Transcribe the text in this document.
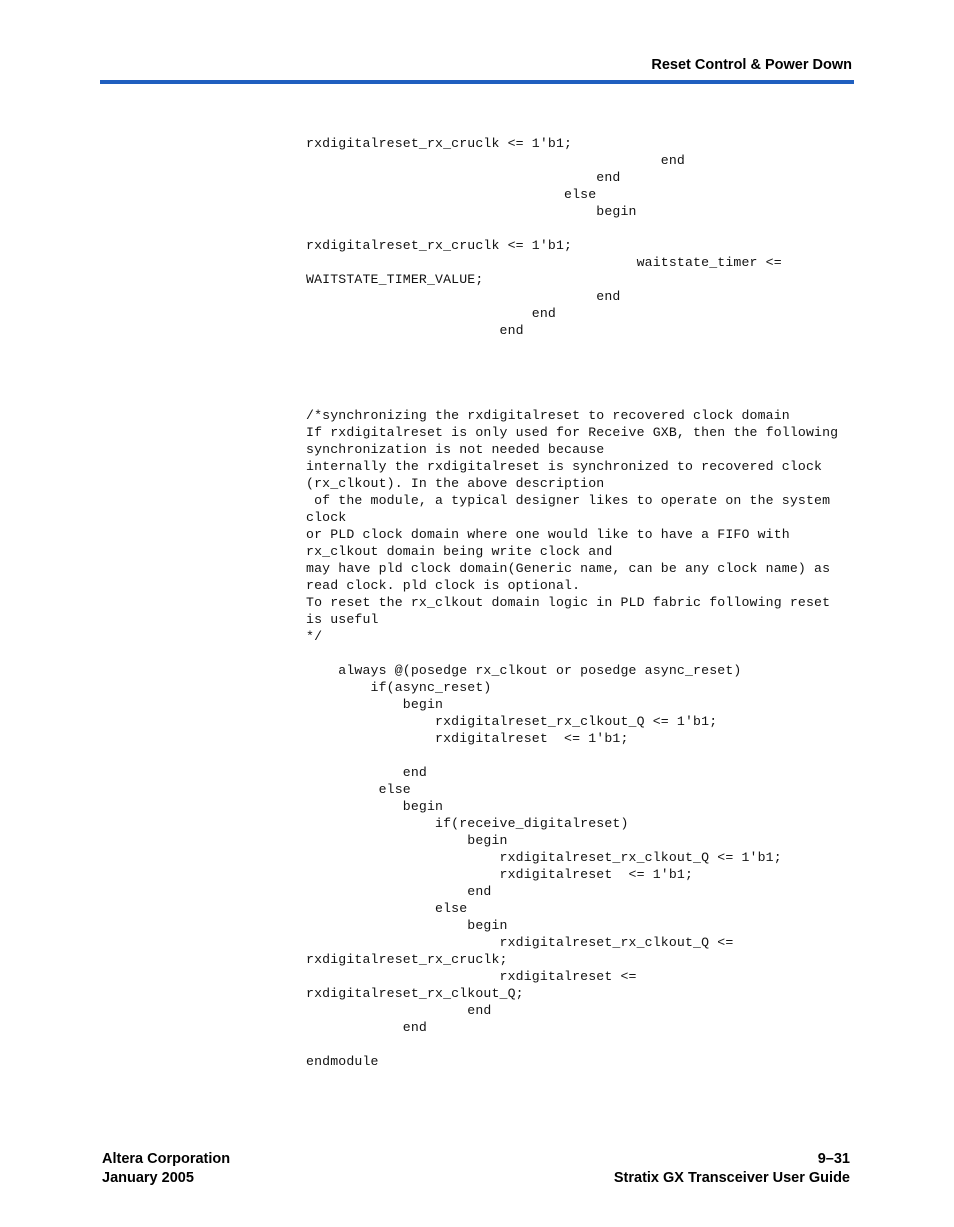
Reset Control & Power Down
rxdigitalreset_rx_cruclk <= 1'b1;
end
end
else
begin

rxdigitalreset_rx_cruclk <= 1'b1;
waitstate_timer <=
WAITSTATE_TIMER_VALUE;
end
end
end

/*synchronizing the rxdigitalreset to recovered clock domain
If rxdigitalreset is only used for Receive GXB, then the following
synchronization is not needed because
internally the rxdigitalreset is synchronized to recovered clock
(rx_clkout). In the above description
of the module, a typical designer likes to operate on the system
clock
or PLD clock domain where one would like to have a FIFO with
rx_clkout domain being write clock and
may have pld clock domain(Generic name, can be any clock name) as
read clock. pld clock is optional.
To reset the rx_clkout domain logic in PLD fabric following reset
is useful
*/

always @(posedge rx_clkout or posedge async_reset)
if(async_reset)
begin
rxdigitalreset_rx_clkout_Q <= 1'b1;
rxdigitalreset  <= 1'b1;

end
else
begin
if(receive_digitalreset)
begin
rxdigitalreset_rx_clkout_Q <= 1'b1;
rxdigitalreset  <= 1'b1;
end
else
begin
rxdigitalreset_rx_clkout_Q <=
rxdigitalreset_rx_cruclk;
rxdigitalreset <=
rxdigitalreset_rx_clkout_Q;
end
end

endmodule
Altera Corporation
January 2005
9–31
Stratix GX Transceiver User Guide
